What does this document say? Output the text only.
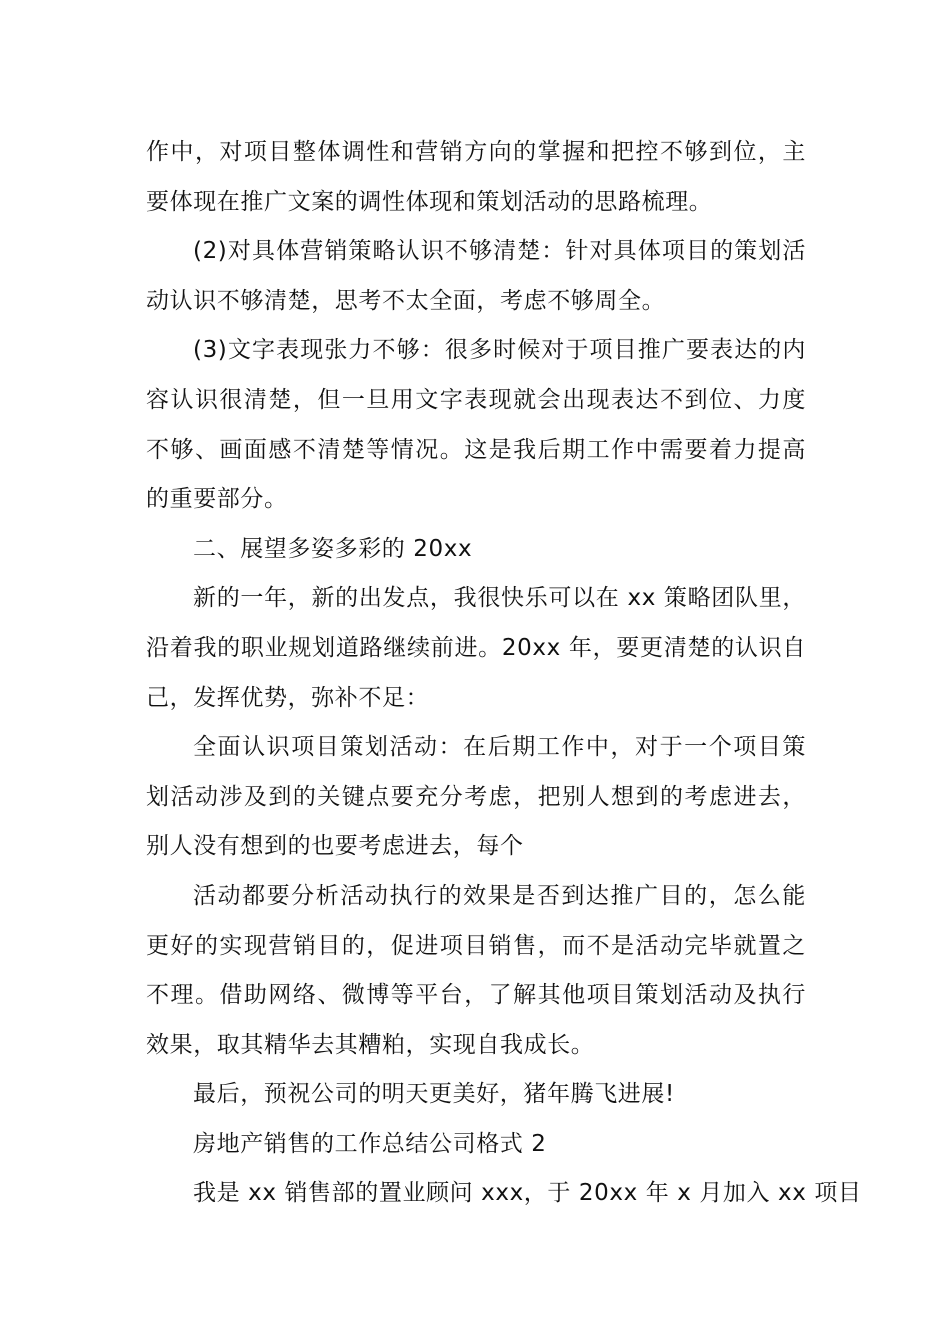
作中，对项目整体调性和营销方向的掌握和把控不够到位，主
要体现在推广文案的调性体现和策划活动的思路梳理。
(2)对具体营销策略认识不够清楚：针对具体项目的策划活
动认识不够清楚，思考不太全面，考虑不够周全。
(3)文字表现张力不够：很多时候对于项目推广要表达的内
容认识很清楚，但一旦用文字表现就会出现表达不到位、力度
不够、画面感不清楚等情况。这是我后期工作中需要着力提高
的重要部分。
二、展望多姿多彩的 20xx
新的一年，新的出发点，我很快乐可以在 xx 策略团队里，
沿着我的职业规划道路继续前进。20xx 年，要更清楚的认识自
己，发挥优势，弥补不足：
全面认识项目策划活动：在后期工作中，对于一个项目策
划活动涉及到的关键点要充分考虑，把别人想到的考虑进去，
别人没有想到的也要考虑进去，每个
活动都要分析活动执行的效果是否到达推广目的，怎么能
更好的实现营销目的，促进项目销售，而不是活动完毕就置之
不理。借助网络、微博等平台，了解其他项目策划活动及执行
效果，取其精华去其糟粕，实现自我成长。
最后，预祝公司的明天更美好，猪年腾飞进展!
房地产销售的工作总结公司格式 2
我是 xx 销售部的置业顾问 xxx，于 20xx 年 x 月加入 xx 项目
